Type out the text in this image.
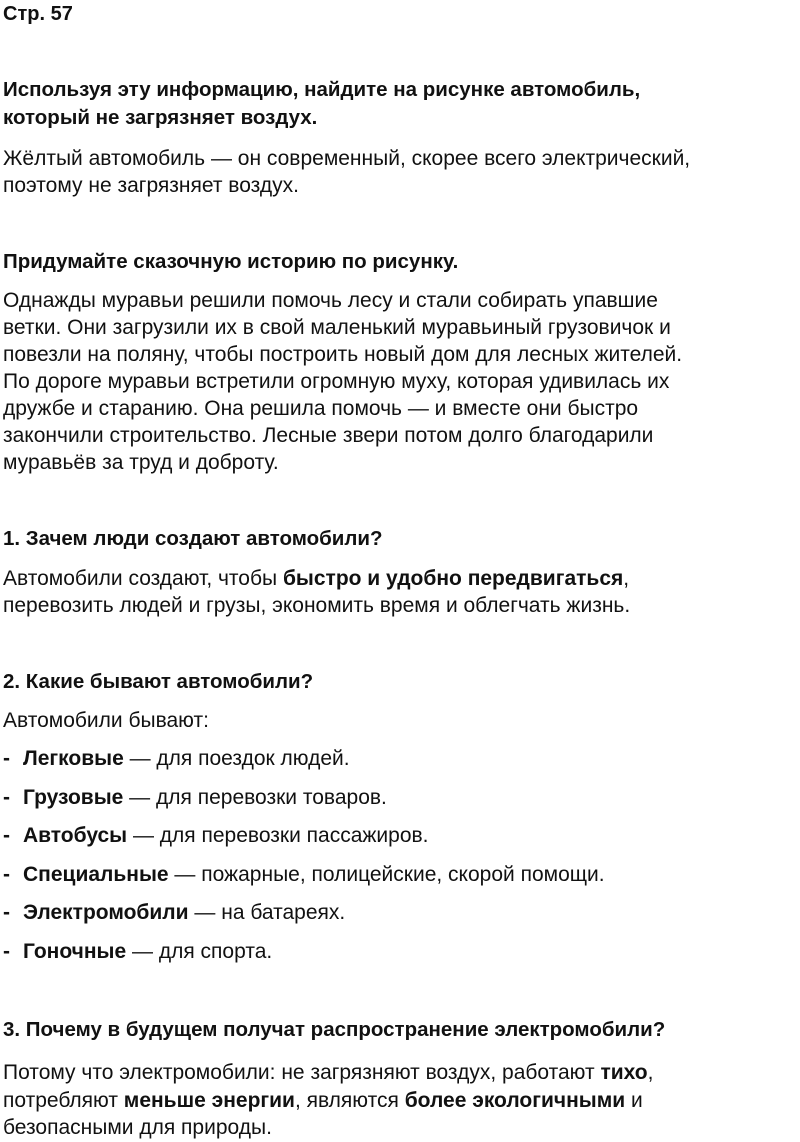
Стр. 57
Используя эту информацию, найдите на рисунке автомобиль,
который не загрязняет воздух.
Жёлтый автомобиль — он современный, скорее всего электрический,
поэтому не загрязняет воздух.
Придумайте сказочную историю по рисунку.
Однажды муравьи решили помочь лесу и стали собирать упавшие
ветки. Они загрузили их в свой маленький муравьиный грузовичок и
повезли на поляну, чтобы построить новый дом для лесных жителей.
По дороге муравьи встретили огромную муху, которая удивилась их
дружбе и старанию. Она решила помочь — и вместе они быстро
закончили строительство. Лесные звери потом долго благодарили
муравьёв за труд и доброту.
1. Зачем люди создают автомобили?
Автомобили создают, чтобы быстро и удобно передвигаться,
перевозить людей и грузы, экономить время и облегчать жизнь.
2. Какие бывают автомобили?
Автомобили бывают:
- Легковые — для поездок людей.
- Грузовые — для перевозки товаров.
- Автобусы — для перевозки пассажиров.
- Специальные — пожарные, полицейские, скорой помощи.
- Электромобили — на батареях.
- Гоночные — для спорта.
3. Почему в будущем получат распространение электромобили?
Потому что электромобили: не загрязняют воздух, работают тихо,
потребляют меньше энергии, являются более экологичными и
безопасными для природы.
